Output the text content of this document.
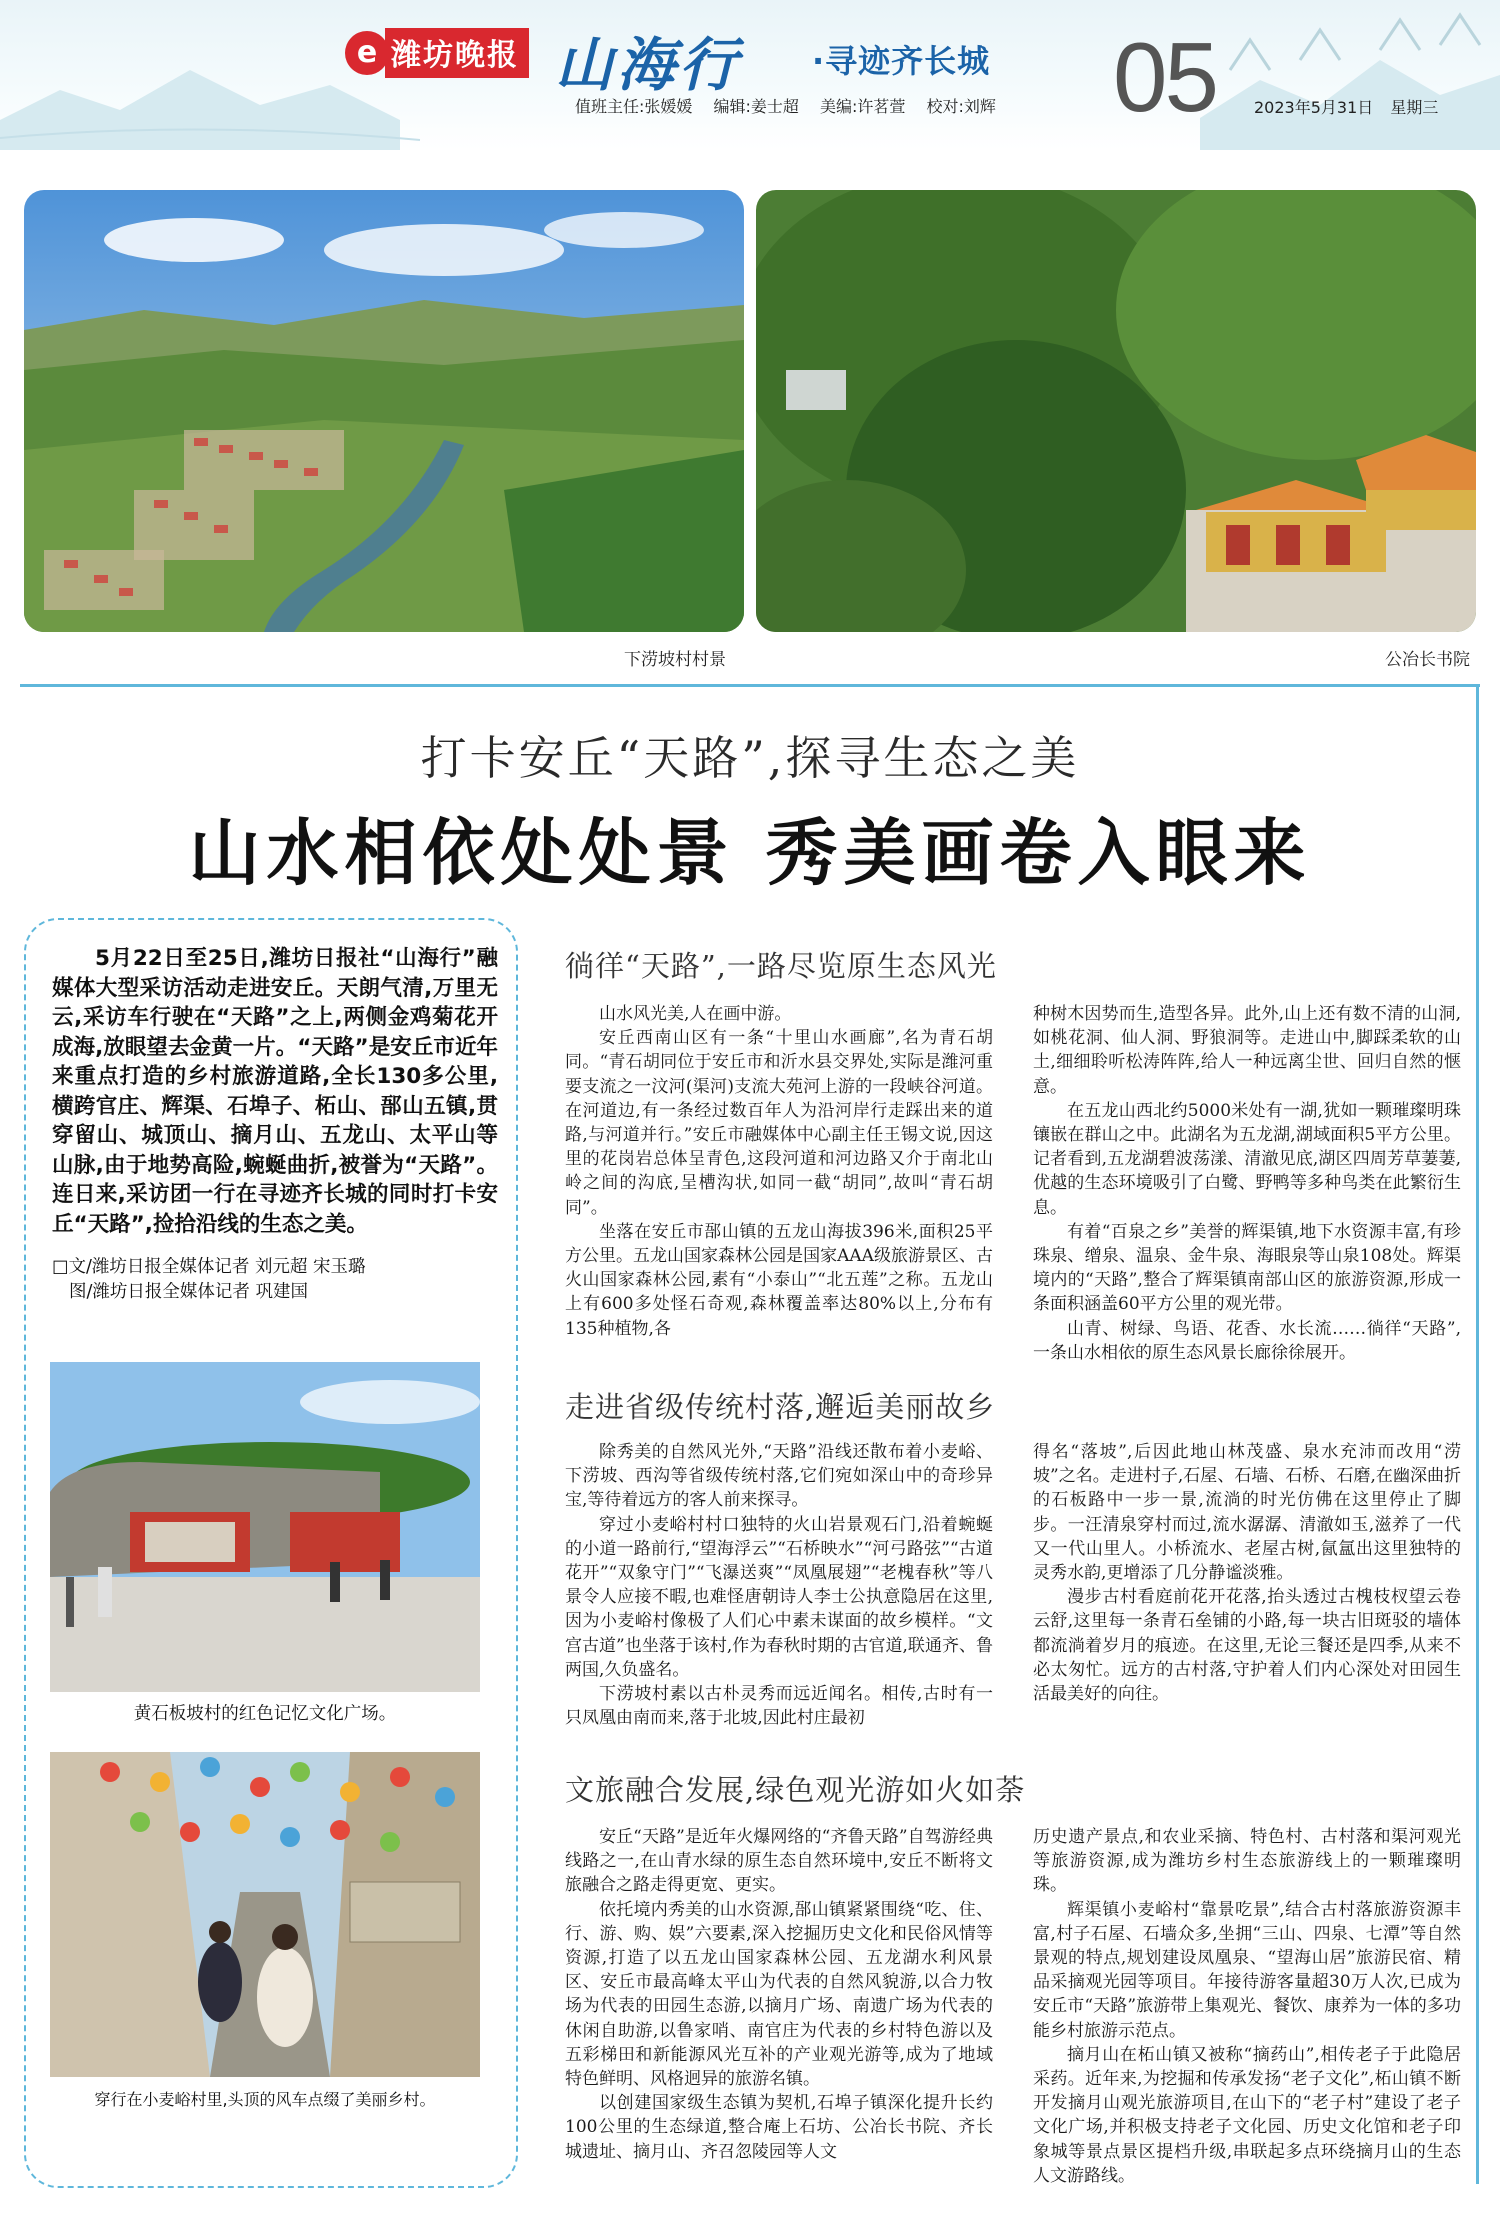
e 潍坊晚报 山海行 ·寻迹齐长城 05
值班主任:张媛媛 编辑:姜士超 美编:许茗萱 校对:刘辉	2023年5月31日 星期三
下涝坡村村景	公冶长书院
打卡安丘“天路”,探寻生态之美
山水相依处处景 秀美画卷入眼来
5月22日至25日,潍坊日报社“山海行”融媒体大型采访活动走进安丘。天朗气清,万里无云,采访车行驶在“天路”之上,两侧金鸡菊花开成海,放眼望去金黄一片。“天路”是安丘市近年来重点打造的乡村旅游道路,全长130多公里,横跨官庄、辉渠、石埠子、柘山、郚山五镇,贯穿留山、城顶山、摘月山、五龙山、太平山等山脉,由于地势高险,蜿蜒曲折,被誉为“天路”。连日来,采访团一行在寻迹齐长城的同时打卡安丘“天路”,捡拾沿线的生态之美。
□文/潍坊日报全媒体记者 刘元超 宋玉璐
图/潍坊日报全媒体记者 巩建国
黄石板坡村的红色记忆文化广场。
穿行在小麦峪村里,头顶的风车点缀了美丽乡村。
徜徉“天路”,一路尽览原生态风光

山水风光美,人在画中游。

安丘西南山区有一条“十里山水画廊”,名为青石胡同。“青石胡同位于安丘市和沂水县交界处,实际是潍河重要支流之一汶河(渠河)支流大苑河上游的一段峡谷河道。在河道边,有一条经过数百年人为沿河岸行走踩出来的道路,与河道并行。”安丘市融媒体中心副主任王锡文说,因这里的花岗岩总体呈青色,这段河道和河边路又介于南北山岭之间的沟底,呈槽沟状,如同一截“胡同”,故叫“青石胡同”。

坐落在安丘市郚山镇的五龙山海拔396米,面积25平方公里。五龙山国家森林公园是国家AAA级旅游景区、古火山国家森林公园,素有“小泰山”“北五莲”之称。五龙山上有600多处怪石奇观,森林覆盖率达80%以上,分布有135种植物,各

种树木因势而生,造型各异。此外,山上还有数不清的山洞,如桃花洞、仙人洞、野狼洞等。走进山中,脚踩柔软的山土,细细聆听松涛阵阵,给人一种远离尘世、回归自然的惬意。

在五龙山西北约5000米处有一湖,犹如一颗璀璨明珠镶嵌在群山之中。此湖名为五龙湖,湖域面积5平方公里。记者看到,五龙湖碧波荡漾、清澈见底,湖区四周芳草萋萋,优越的生态环境吸引了白鹭、野鸭等多种鸟类在此繁衍生息。

有着“百泉之乡”美誉的辉渠镇,地下水资源丰富,有珍珠泉、缯泉、温泉、金牛泉、海眼泉等山泉108处。辉渠境内的“天路”,整合了辉渠镇南部山区的旅游资源,形成一条面积涵盖60平方公里的观光带。

山青、树绿、鸟语、花香、水长流……徜徉“天路”,一条山水相依的原生态风景长廊徐徐展开。

走进省级传统村落,邂逅美丽故乡

除秀美的自然风光外,“天路”沿线还散布着小麦峪、下涝坡、西沟等省级传统村落,它们宛如深山中的奇珍异宝,等待着远方的客人前来探寻。

穿过小麦峪村村口独特的火山岩景观石门,沿着蜿蜒的小道一路前行,“望海浮云”“石桥映水”“河弓路弦”“古道花开”“双象守门”“飞瀑送爽”“凤凰展翅”“老槐春秋”等八景令人应接不暇,也难怪唐朝诗人李士公执意隐居在这里,因为小麦峪村像极了人们心中素未谋面的故乡模样。“文宫古道”也坐落于该村,作为春秋时期的古官道,联通齐、鲁两国,久负盛名。

下涝坡村素以古朴灵秀而远近闻名。相传,古时有一只凤凰由南而来,落于北坡,因此村庄最初

得名“落坡”,后因此地山林茂盛、泉水充沛而改用“涝坡”之名。走进村子,石屋、石墙、石桥、石磨,在幽深曲折的石板路中一步一景,流淌的时光仿佛在这里停止了脚步。一汪清泉穿村而过,流水潺潺、清澈如玉,滋养了一代又一代山里人。小桥流水、老屋古树,氤氲出这里独特的灵秀水韵,更增添了几分静谧淡雅。

漫步古村看庭前花开花落,抬头透过古槐枝杈望云卷云舒,这里每一条青石垒铺的小路,每一块古旧斑驳的墙体都流淌着岁月的痕迹。在这里,无论三餐还是四季,从来不必太匆忙。远方的古村落,守护着人们内心深处对田园生活最美好的向往。

文旅融合发展,绿色观光游如火如荼

安丘“天路”是近年火爆网络的“齐鲁天路”自驾游经典线路之一,在山青水绿的原生态自然环境中,安丘不断将文旅融合之路走得更宽、更实。

依托境内秀美的山水资源,郚山镇紧紧围绕“吃、住、行、游、购、娱”六要素,深入挖掘历史文化和民俗风情等资源,打造了以五龙山国家森林公园、五龙湖水利风景区、安丘市最高峰太平山为代表的自然风貌游,以合力牧场为代表的田园生态游,以摘月广场、南遗广场为代表的休闲自助游,以鲁家哨、南官庄为代表的乡村特色游以及五彩梯田和新能源风光互补的产业观光游等,成为了地域特色鲜明、风格迥异的旅游名镇。

以创建国家级生态镇为契机,石埠子镇深化提升长约100公里的生态绿道,整合庵上石坊、公冶长书院、齐长城遗址、摘月山、齐召忽陵园等人文

历史遗产景点,和农业采摘、特色村、古村落和渠河观光等旅游资源,成为潍坊乡村生态旅游线上的一颗璀璨明珠。

辉渠镇小麦峪村“靠景吃景”,结合古村落旅游资源丰富,村子石屋、石墙众多,坐拥“三山、四泉、七潭”等自然景观的特点,规划建设凤凰泉、“望海山居”旅游民宿、精品采摘观光园等项目。年接待游客量超30万人次,已成为安丘市“天路”旅游带上集观光、餐饮、康养为一体的多功能乡村旅游示范点。

摘月山在柘山镇又被称“摘药山”,相传老子于此隐居采药。近年来,为挖掘和传承发扬“老子文化”,柘山镇不断开发摘月山观光旅游项目,在山下的“老子村”建设了老子文化广场,并积极支持老子文化园、历史文化馆和老子印象城等景点景区提档升级,串联起多点环绕摘月山的生态人文游路线。
